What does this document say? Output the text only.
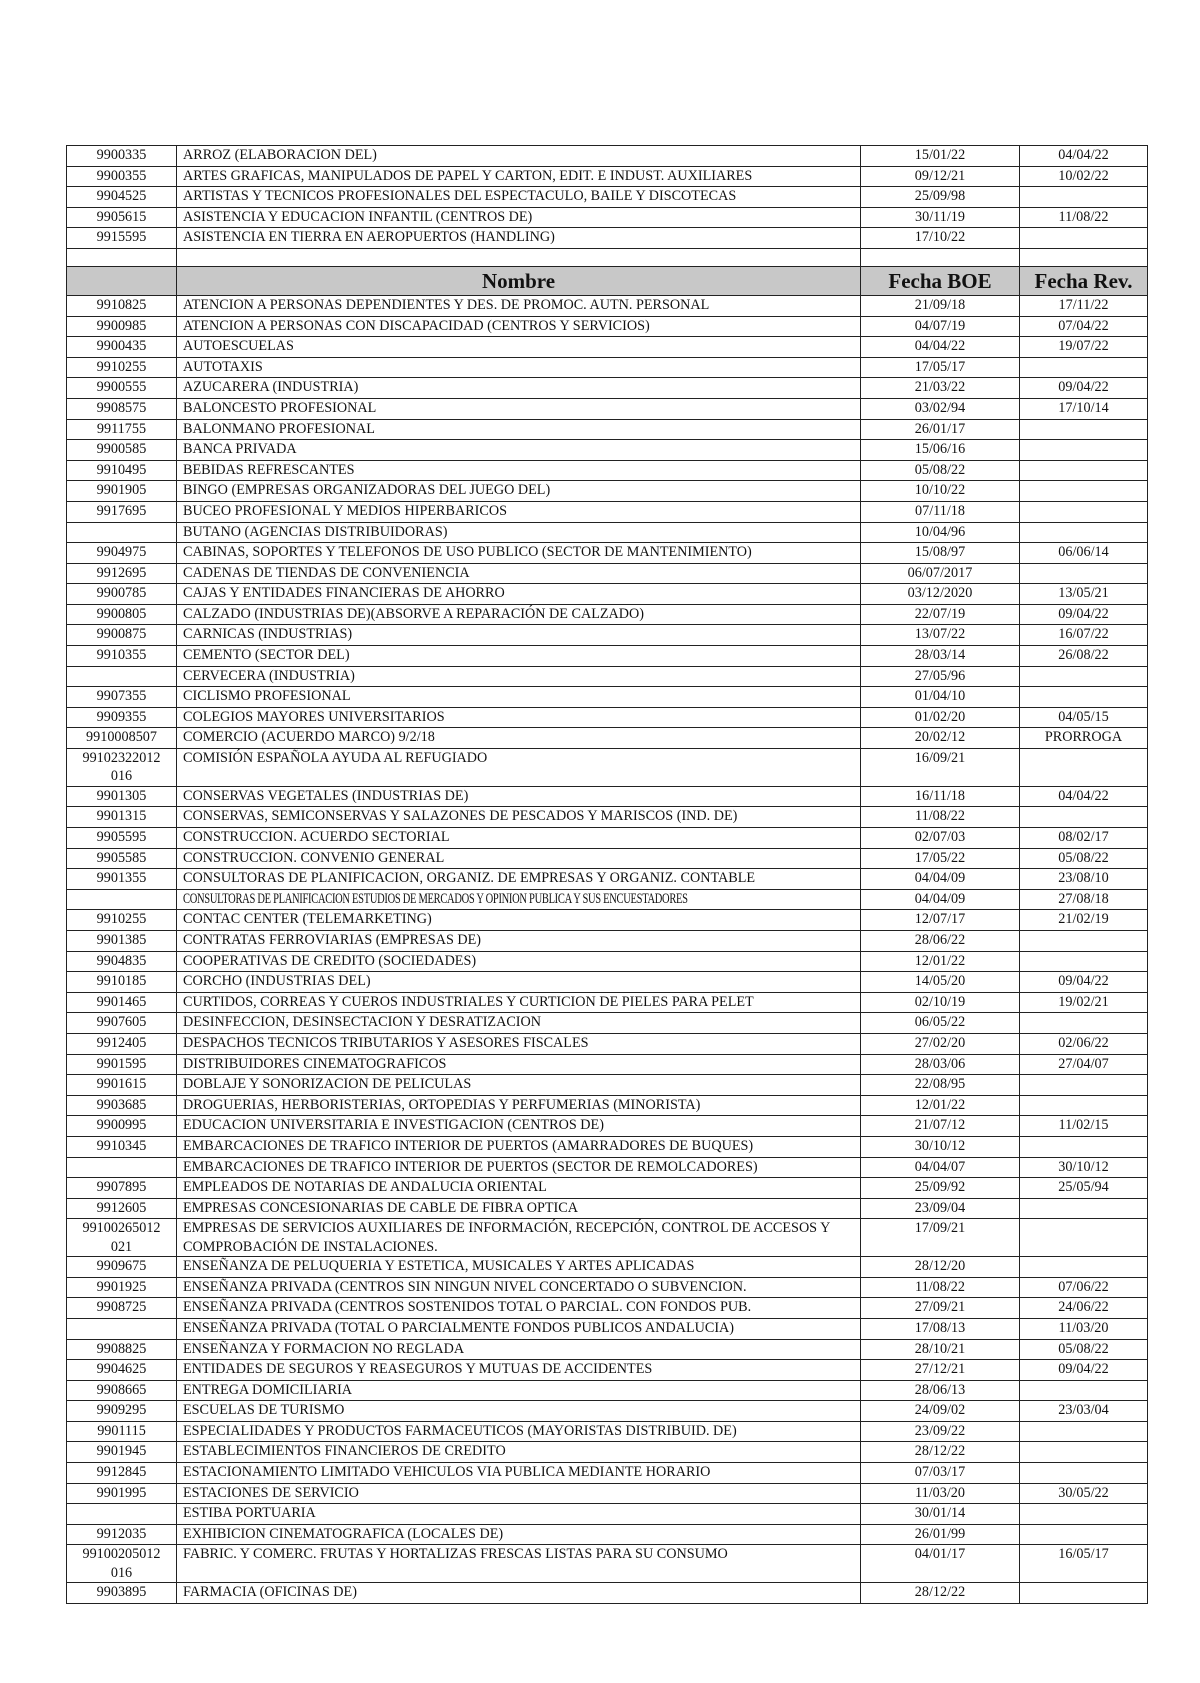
9900335	ARROZ (ELABORACION DEL)	15/01/22	04/04/22
9900355	ARTES GRAFICAS, MANIPULADOS DE PAPEL Y CARTON, EDIT. E INDUST. AUXILIARES	09/12/21	10/02/22
9904525	ARTISTAS Y TECNICOS PROFESIONALES DEL ESPECTACULO, BAILE Y DISCOTECAS	25/09/98	
9905615	ASISTENCIA Y EDUCACION INFANTIL (CENTROS DE)	30/11/19	11/08/22
9915595	ASISTENCIA EN TIERRA EN AEROPUERTOS (HANDLING)	17/10/22	

	Nombre	Fecha BOE	Fecha Rev.
9910825	ATENCION A PERSONAS DEPENDIENTES Y DES. DE PROMOC. AUTN. PERSONAL	21/09/18	17/11/22
9900985	ATENCION A PERSONAS CON DISCAPACIDAD (CENTROS Y SERVICIOS)	04/07/19	07/04/22
9900435	AUTOESCUELAS	04/04/22	19/07/22
9910255	AUTOTAXIS	17/05/17	
9900555	AZUCARERA (INDUSTRIA)	21/03/22	09/04/22
9908575	BALONCESTO PROFESIONAL	03/02/94	17/10/14
9911755	BALONMANO PROFESIONAL	26/01/17	
9900585	BANCA PRIVADA	15/06/16	
9910495	BEBIDAS REFRESCANTES	05/08/22	
9901905	BINGO (EMPRESAS ORGANIZADORAS DEL JUEGO DEL)	10/10/22	
9917695	BUCEO PROFESIONAL Y MEDIOS HIPERBARICOS	07/11/18	
	BUTANO (AGENCIAS DISTRIBUIDORAS)	10/04/96	
9904975	CABINAS, SOPORTES Y TELEFONOS DE USO PUBLICO (SECTOR DE MANTENIMIENTO)	15/08/97	06/06/14
9912695	CADENAS DE TIENDAS DE CONVENIENCIA	06/07/2017	
9900785	CAJAS Y ENTIDADES FINANCIERAS DE AHORRO	03/12/2020	13/05/21
9900805	CALZADO (INDUSTRIAS DE)(ABSORVE A REPARACIÓN DE CALZADO)	22/07/19	09/04/22
9900875	CARNICAS (INDUSTRIAS)	13/07/22	16/07/22
9910355	CEMENTO (SECTOR DEL)	28/03/14	26/08/22
	CERVECERA (INDUSTRIA)	27/05/96	
9907355	CICLISMO PROFESIONAL	01/04/10	
9909355	COLEGIOS MAYORES UNIVERSITARIOS	01/02/20	04/05/15
9910008507	COMERCIO (ACUERDO MARCO) 9/2/18	20/02/12	PRORROGA
99102322012 016	COMISIÓN ESPAÑOLA AYUDA AL REFUGIADO	16/09/21	
9901305	CONSERVAS VEGETALES (INDUSTRIAS DE)	16/11/18	04/04/22
9901315	CONSERVAS, SEMICONSERVAS Y SALAZONES DE PESCADOS Y MARISCOS (IND. DE)	11/08/22	
9905595	CONSTRUCCION. ACUERDO SECTORIAL	02/07/03	08/02/17
9905585	CONSTRUCCION. CONVENIO GENERAL	17/05/22	05/08/22
9901355	CONSULTORAS DE PLANIFICACION, ORGANIZ. DE EMPRESAS Y ORGANIZ. CONTABLE	04/04/09	23/08/10
	CONSULTORAS DE PLANIFICACION ESTUDIOS DE MERCADOS Y OPINION PUBLICA Y SUS ENCUESTADORES	04/04/09	27/08/18
9910255	CONTAC CENTER (TELEMARKETING)	12/07/17	21/02/19
9901385	CONTRATAS FERROVIARIAS (EMPRESAS DE)	28/06/22	
9904835	COOPERATIVAS DE CREDITO (SOCIEDADES)	12/01/22	
9910185	CORCHO (INDUSTRIAS DEL)	14/05/20	09/04/22
9901465	CURTIDOS, CORREAS Y CUEROS INDUSTRIALES Y CURTICION DE PIELES PARA PELET	02/10/19	19/02/21
9907605	DESINFECCION, DESINSECTACION Y DESRATIZACION	06/05/22	
9912405	DESPACHOS TECNICOS TRIBUTARIOS Y ASESORES FISCALES	27/02/20	02/06/22
9901595	DISTRIBUIDORES CINEMATOGRAFICOS	28/03/06	27/04/07
9901615	DOBLAJE Y SONORIZACION DE PELICULAS	22/08/95	
9903685	DROGUERIAS, HERBORISTERIAS, ORTOPEDIAS Y PERFUMERIAS (MINORISTA)	12/01/22	
9900995	EDUCACION UNIVERSITARIA E INVESTIGACION (CENTROS DE)	21/07/12	11/02/15
9910345	EMBARCACIONES DE TRAFICO INTERIOR DE PUERTOS (AMARRADORES DE BUQUES)	30/10/12	
	EMBARCACIONES DE TRAFICO INTERIOR DE PUERTOS (SECTOR DE REMOLCADORES)	04/04/07	30/10/12
9907895	EMPLEADOS DE NOTARIAS DE ANDALUCIA ORIENTAL	25/09/92	25/05/94
9912605	EMPRESAS CONCESIONARIAS DE CABLE DE FIBRA OPTICA	23/09/04	
99100265012 021	EMPRESAS DE SERVICIOS AUXILIARES DE INFORMACIÓN, RECEPCIÓN, CONTROL DE ACCESOS Y COMPROBACIÓN DE INSTALACIONES.	17/09/21	
9909675	ENSEÑANZA DE PELUQUERIA Y ESTETICA, MUSICALES Y ARTES APLICADAS	28/12/20	
9901925	ENSEÑANZA PRIVADA (CENTROS SIN NINGUN NIVEL CONCERTADO O SUBVENCION.	11/08/22	07/06/22
9908725	ENSEÑANZA PRIVADA (CENTROS SOSTENIDOS TOTAL O PARCIAL. CON FONDOS PUB.	27/09/21	24/06/22
	ENSEÑANZA PRIVADA (TOTAL O PARCIALMENTE FONDOS PUBLICOS ANDALUCIA)	17/08/13	11/03/20
9908825	ENSEÑANZA Y FORMACION NO REGLADA	28/10/21	05/08/22
9904625	ENTIDADES DE SEGUROS Y REASEGUROS Y MUTUAS DE ACCIDENTES	27/12/21	09/04/22
9908665	ENTREGA DOMICILIARIA	28/06/13	
9909295	ESCUELAS DE TURISMO	24/09/02	23/03/04
9901115	ESPECIALIDADES Y PRODUCTOS FARMACEUTICOS (MAYORISTAS DISTRIBUID. DE)	23/09/22	
9901945	ESTABLECIMIENTOS FINANCIEROS DE CREDITO	28/12/22	
9912845	ESTACIONAMIENTO LIMITADO VEHICULOS VIA PUBLICA MEDIANTE HORARIO	07/03/17	
9901995	ESTACIONES DE SERVICIO	11/03/20	30/05/22
	ESTIBA PORTUARIA	30/01/14	
9912035	EXHIBICION CINEMATOGRAFICA (LOCALES DE)	26/01/99	
99100205012 016	FABRIC. Y COMERC. FRUTAS Y HORTALIZAS FRESCAS LISTAS PARA SU CONSUMO	04/01/17	16/05/17
9903895	FARMACIA (OFICINAS DE)	28/12/22	
